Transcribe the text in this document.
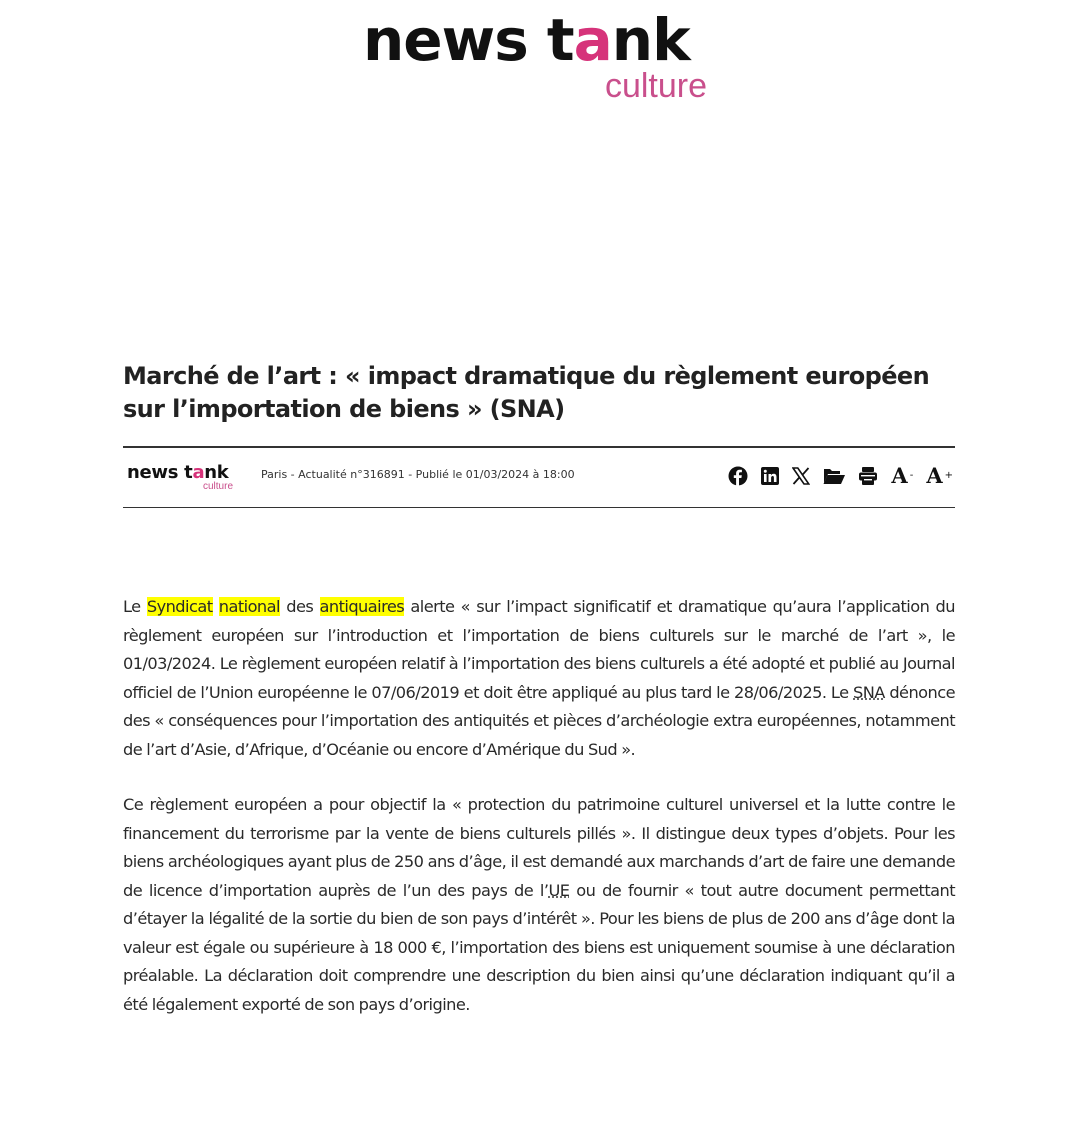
news tank
culture
Marché de l’art : « impact dramatique du règlement européen sur l’importation de biens » (SNA)
news tank
culture
Paris - Actualité n°316891 - Publié le 01/03/2024 à 18:00	A - A +

Le Syndicat national des antiquaires alerte « sur l’impact significatif et dramatique qu’aura l’application du règlement européen sur l’introduction et l’importation de biens culturels sur le marché de l’art », le 01/03/2024. Le règlement européen relatif à l’importation des biens culturels a été adopté et publié au Journal officiel de l’Union européenne le 07/06/2019 et doit être appliqué au plus tard le 28/06/2025. Le SNA dénonce des « conséquences pour l’importation des antiquités et pièces d’archéologie extra européennes, notamment de l’art d’Asie, d’Afrique, d’Océanie ou encore d’Amérique du Sud ».

Ce règlement européen a pour objectif la « protection du patrimoine culturel universel et la lutte contre le financement du terrorisme par la vente de biens culturels pillés ». Il distingue deux types d’objets. Pour les biens archéologiques ayant plus de 250 ans d’âge, il est demandé aux marchands d’art de faire une demande de licence d’importation auprès de l’un des pays de l’UE ou de fournir « tout autre document permettant d’étayer la légalité de la sortie du bien de son pays d’intérêt ». Pour les biens de plus de 200 ans d’âge dont la valeur est égale ou supérieure à 18 000 €, l’importation des biens est uniquement soumise à une déclaration préalable. La déclaration doit comprendre une description du bien ainsi qu’une déclaration indiquant qu’il a été légalement exporté de son pays d’origine.
